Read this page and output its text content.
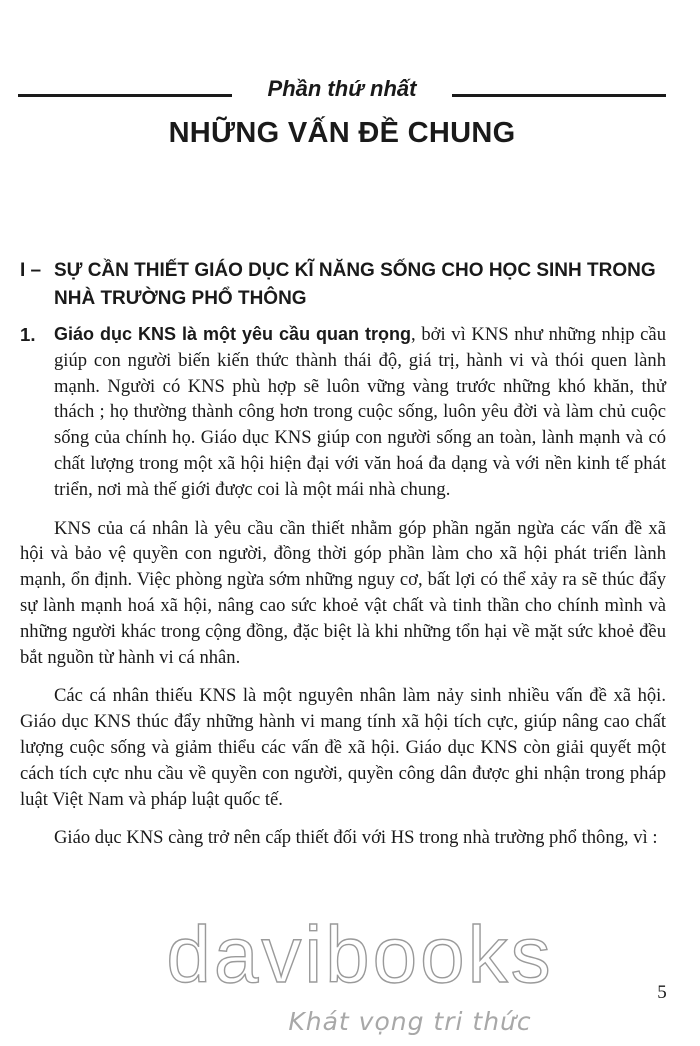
Phần thứ nhất
NHỮNG VẤN ĐỀ CHUNG
I – SỰ CẦN THIẾT GIÁO DỤC KĨ NĂNG SỐNG CHO HỌC SINH TRONG NHÀ TRƯỜNG PHỔ THÔNG

1. Giáo dục KNS là một yêu cầu quan trọng, bởi vì KNS như những nhịp cầu giúp con người biến kiến thức thành thái độ, giá trị, hành vi và thói quen lành mạnh. Người có KNS phù hợp sẽ luôn vững vàng trước những khó khăn, thử thách ; họ thường thành công hơn trong cuộc sống, luôn yêu đời và làm chủ cuộc sống của chính họ. Giáo dục KNS giúp con người sống an toàn, lành mạnh và có chất lượng trong một xã hội hiện đại với văn hoá đa dạng và với nền kinh tế phát triển, nơi mà thế giới được coi là một mái nhà chung.

KNS của cá nhân là yêu cầu cần thiết nhằm góp phần ngăn ngừa các vấn đề xã hội và bảo vệ quyền con người, đồng thời góp phần làm cho xã hội phát triển lành mạnh, ổn định. Việc phòng ngừa sớm những nguy cơ, bất lợi có thể xảy ra sẽ thúc đẩy sự lành mạnh hoá xã hội, nâng cao sức khoẻ vật chất và tinh thần cho chính mình và những người khác trong cộng đồng, đặc biệt là khi những tổn hại về mặt sức khoẻ đều bắt nguồn từ hành vi cá nhân.

Các cá nhân thiếu KNS là một nguyên nhân làm nảy sinh nhiều vấn đề xã hội. Giáo dục KNS thúc đẩy những hành vi mang tính xã hội tích cực, giúp nâng cao chất lượng cuộc sống và giảm thiểu các vấn đề xã hội. Giáo dục KNS còn giải quyết một cách tích cực nhu cầu về quyền con người, quyền công dân được ghi nhận trong pháp luật Việt Nam và pháp luật quốc tế.

Giáo dục KNS càng trở nên cấp thiết đối với HS trong nhà trường phổ thông, vì :

davibooks	5
Khát vọng tri thức
